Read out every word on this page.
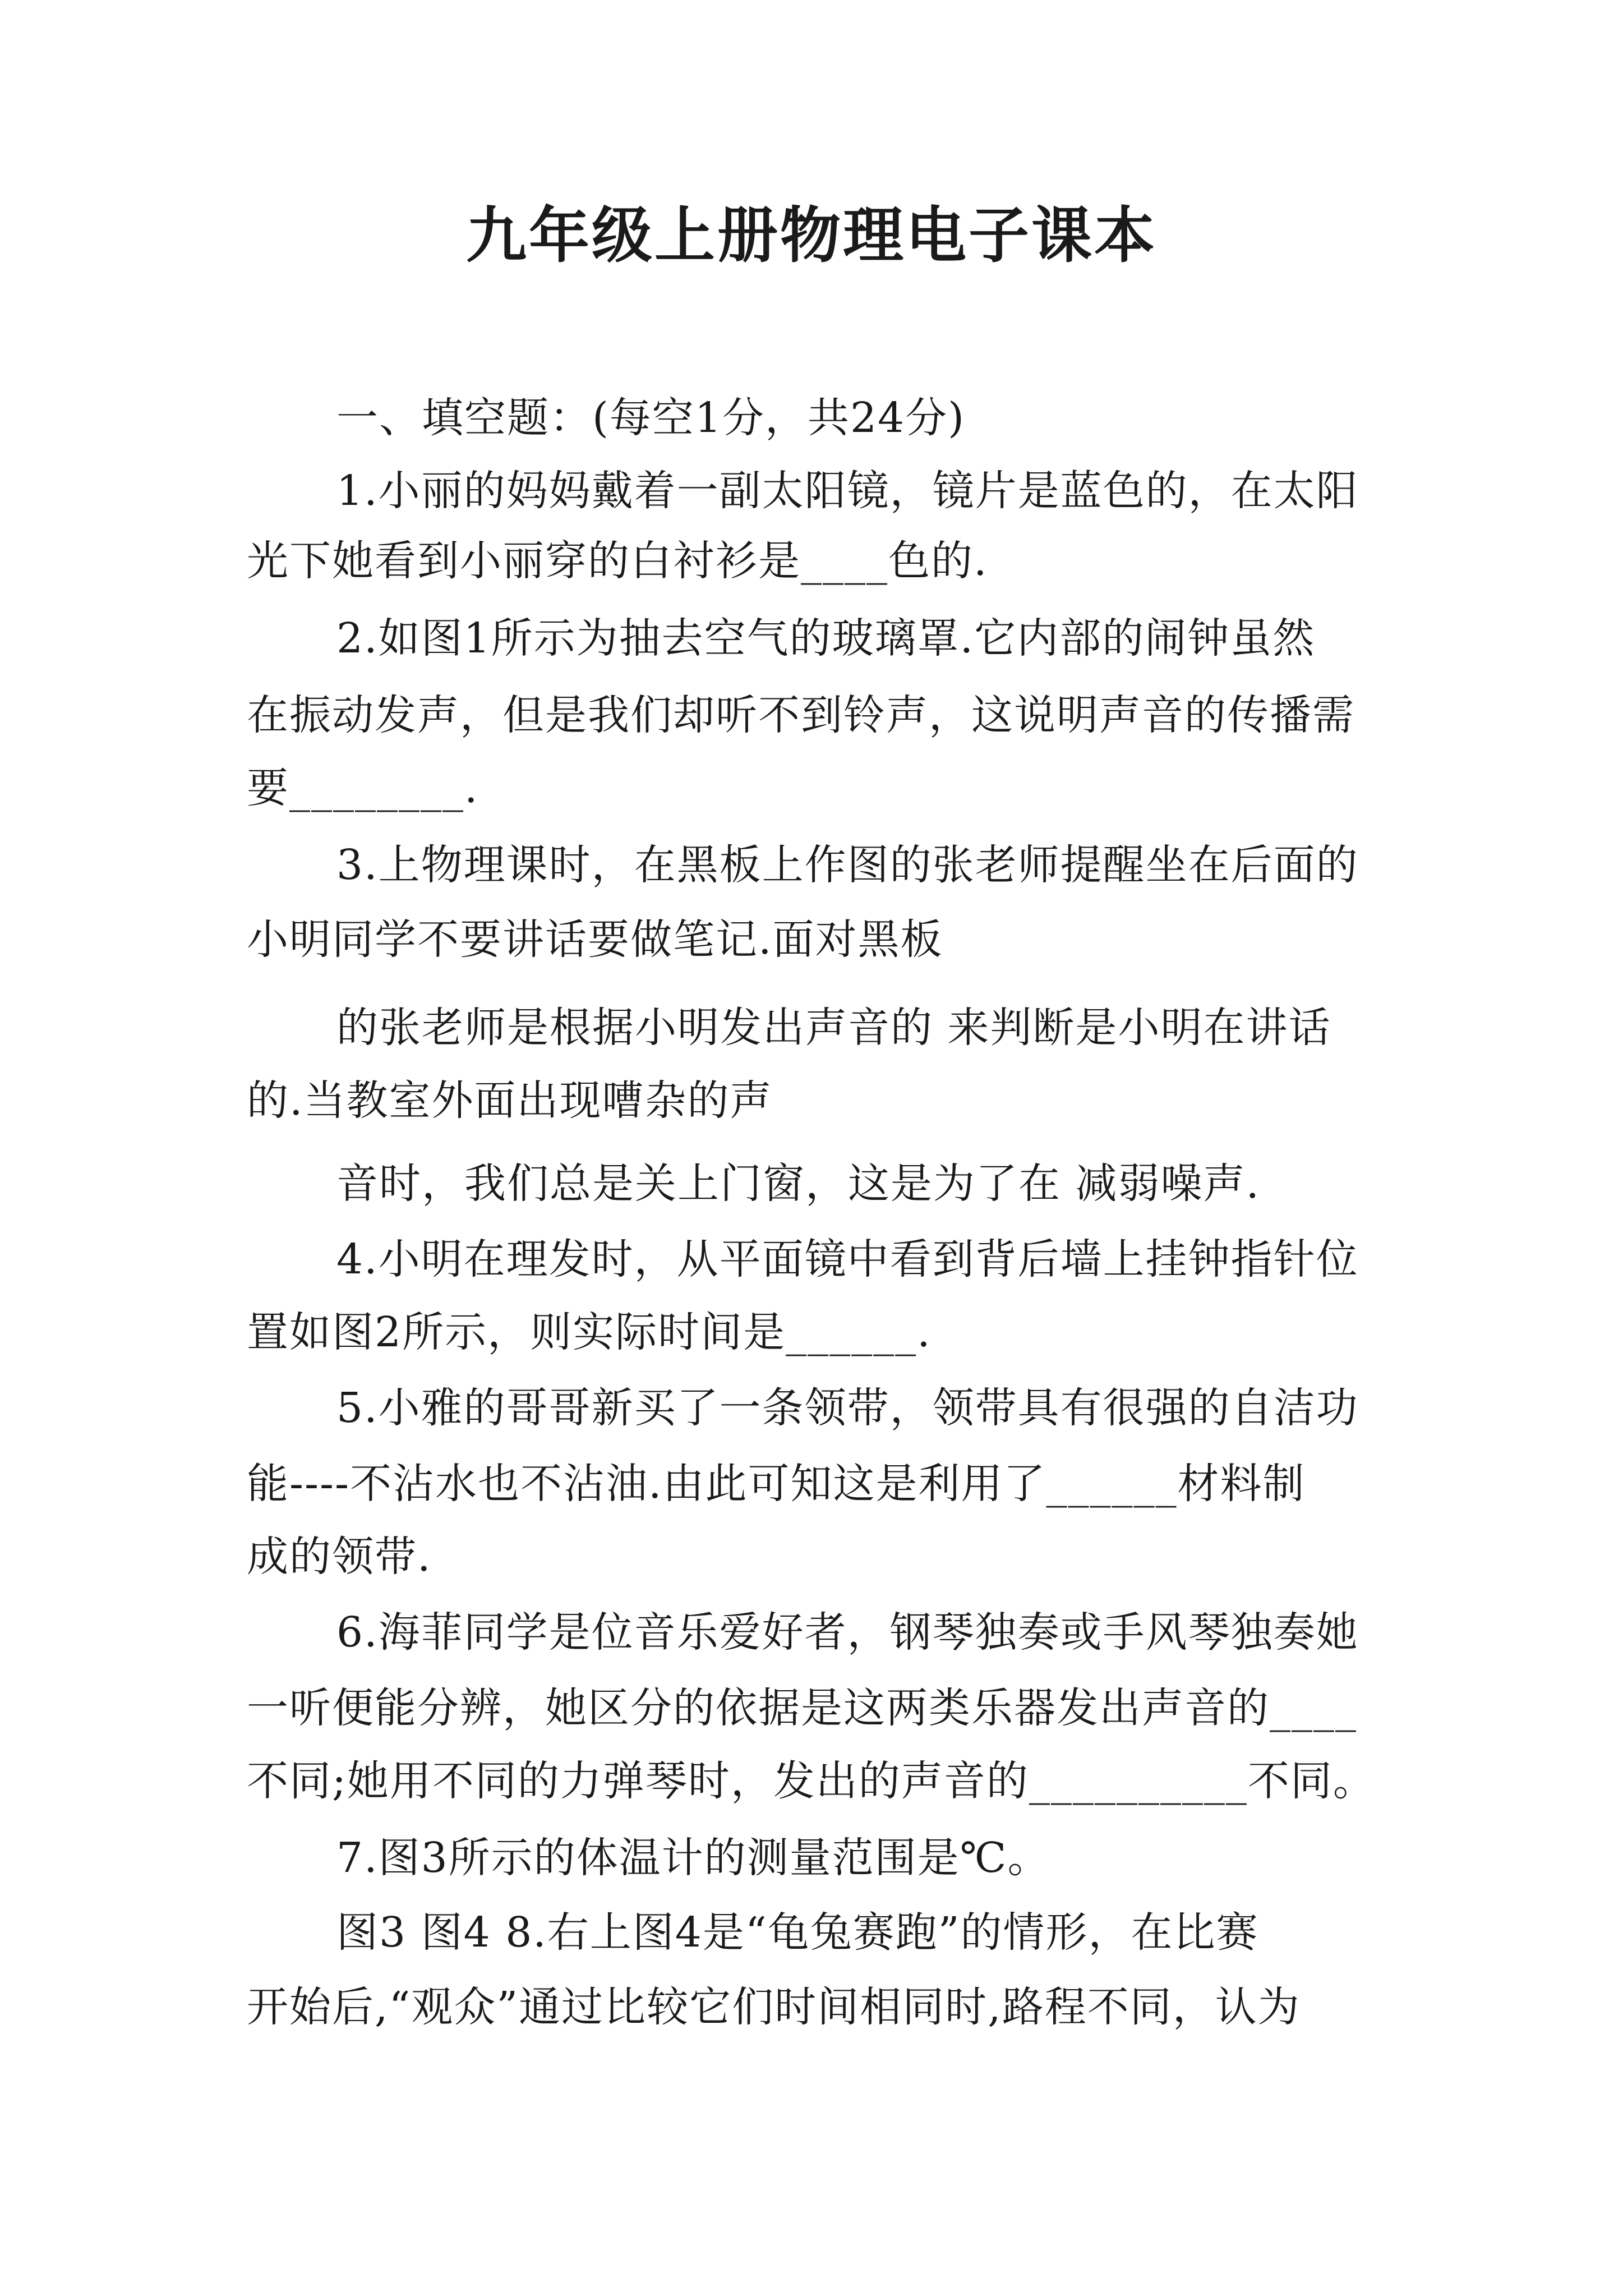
九年级上册物理电子课本
一、填空题：(每空1分，共24分)
1.小丽的妈妈戴着一副太阳镜，镜片是蓝色的，在太阳
光下她看到小丽穿的白衬衫是____色的.
2.如图1所示为抽去空气的玻璃罩.它内部的闹钟虽然
在振动发声，但是我们却听不到铃声，这说明声音的传播需
要________.
3.上物理课时，在黑板上作图的张老师提醒坐在后面的
小明同学不要讲话要做笔记.面对黑板
的张老师是根据小明发出声音的 来判断是小明在讲话
的.当教室外面出现嘈杂的声
音时，我们总是关上门窗，这是为了在 减弱噪声.
4.小明在理发时，从平面镜中看到背后墙上挂钟指针位
置如图2所示，则实际时间是______.
5.小雅的哥哥新买了一条领带，领带具有很强的自洁功
能----不沾水也不沾油.由此可知这是利用了______材料制
成的领带.
6.海菲同学是位音乐爱好者，钢琴独奏或手风琴独奏她
一听便能分辨，她区分的依据是这两类乐器发出声音的____
不同;她用不同的力弹琴时，发出的声音的__________不同。
7.图3所示的体温计的测量范围是℃。
图3 图4 8.右上图4是“龟兔赛跑”的情形，在比赛
开始后,“观众”通过比较它们时间相同时,路程不同，认为
